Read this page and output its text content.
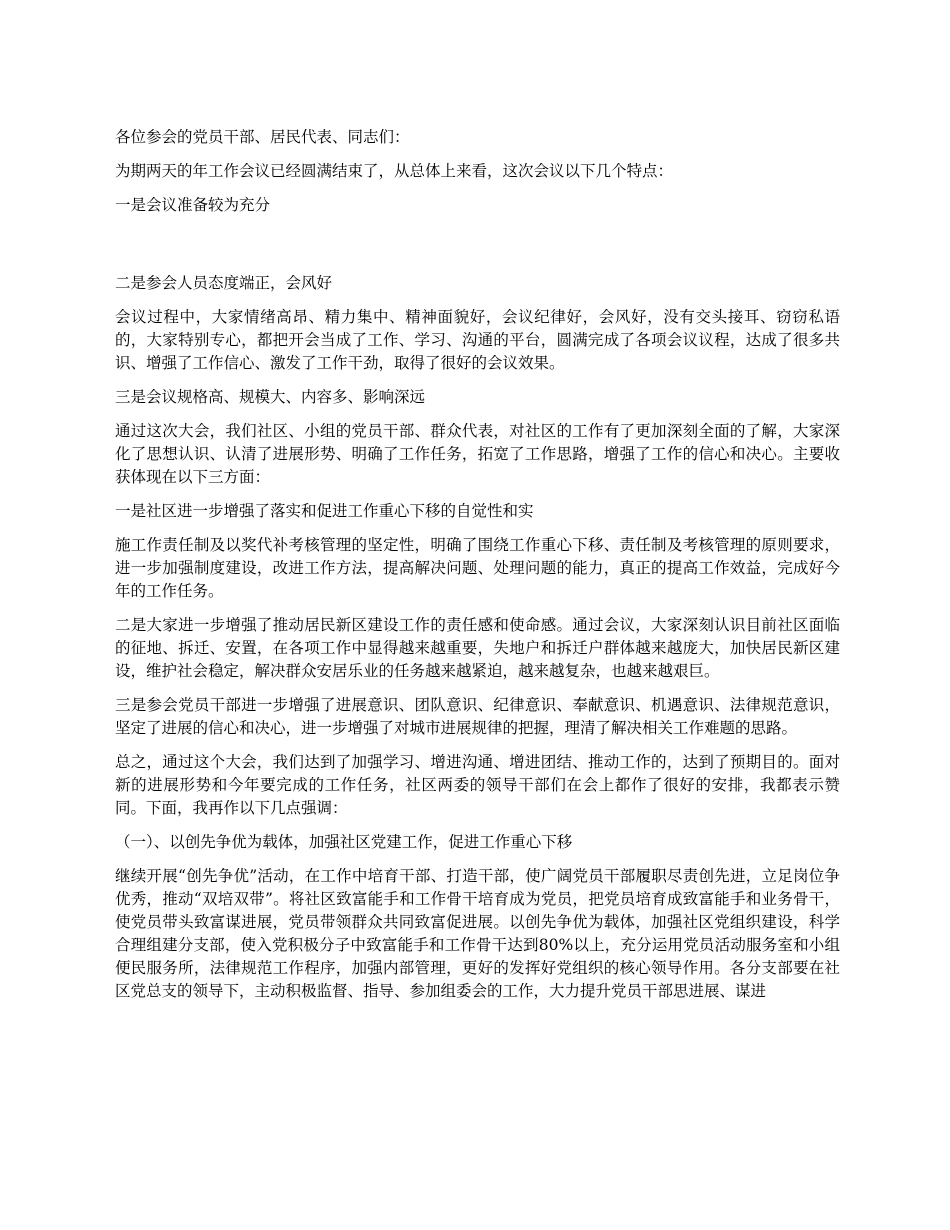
各位参会的党员干部、居民代表、同志们：

为期两天的年工作会议已经圆满结束了，从总体上来看，这次会议以下几个特点：

一是会议准备较为充分

二是参会人员态度端正，会风好

会议过程中，大家情绪高昂、精力集中、精神面貌好，会议纪律好，会风好，没有交头接耳、窃窃私语的，大家特别专心，都把开会当成了工作、学习、沟通的平台，圆满完成了各项会议议程，达成了很多共识、增强了工作信心、激发了工作干劲，取得了很好的会议效果。

三是会议规格高、规模大、内容多、影响深远

通过这次大会，我们社区、小组的党员干部、群众代表，对社区的工作有了更加深刻全面的了解，大家深化了思想认识、认清了进展形势、明确了工作任务，拓宽了工作思路，增强了工作的信心和决心。主要收获体现在以下三方面：

一是社区进一步增强了落实和促进工作重心下移的自觉性和实

施工作责任制及以奖代补考核管理的坚定性，明确了围绕工作重心下移、责任制及考核管理的原则要求，进一步加强制度建设，改进工作方法，提高解决问题、处理问题的能力，真正的提高工作效益，完成好今年的工作任务。

二是大家进一步增强了推动居民新区建设工作的责任感和使命感。通过会议，大家深刻认识目前社区面临的征地、拆迁、安置，在各项工作中显得越来越重要，失地户和拆迁户群体越来越庞大，加快居民新区建设，维护社会稳定，解决群众安居乐业的任务越来越紧迫，越来越复杂，也越来越艰巨。

三是参会党员干部进一步增强了进展意识、团队意识、纪律意识、奉献意识、机遇意识、法律规范意识，坚定了进展的信心和决心，进一步增强了对城市进展规律的把握，理清了解决相关工作难题的思路。

总之，通过这个大会，我们达到了加强学习、增进沟通、增进团结、推动工作的，达到了预期目的。面对新的进展形势和今年要完成的工作任务，社区两委的领导干部们在会上都作了很好的安排，我都表示赞同。下面，我再作以下几点强调：

（一）、以创先争优为载体，加强社区党建工作，促进工作重心下移

继续开展“创先争优”活动，在工作中培育干部、打造干部，使广阔党员干部履职尽责创先进，立足岗位争优秀，推动“双培双带”。将社区致富能手和工作骨干培育成为党员，把党员培育成致富能手和业务骨干，使党员带头致富谋进展，党员带领群众共同致富促进展。以创先争优为载体，加强社区党组织建设，科学合理组建分支部，使入党积极分子中致富能手和工作骨干达到80%以上，充分运用党员活动服务室和小组便民服务所，法律规范工作程序，加强内部管理，更好的发挥好党组织的核心领导作用。各分支部要在社区党总支的领导下，主动积极监督、指导、参加组委会的工作，大力提升党员干部思进展、谋进
